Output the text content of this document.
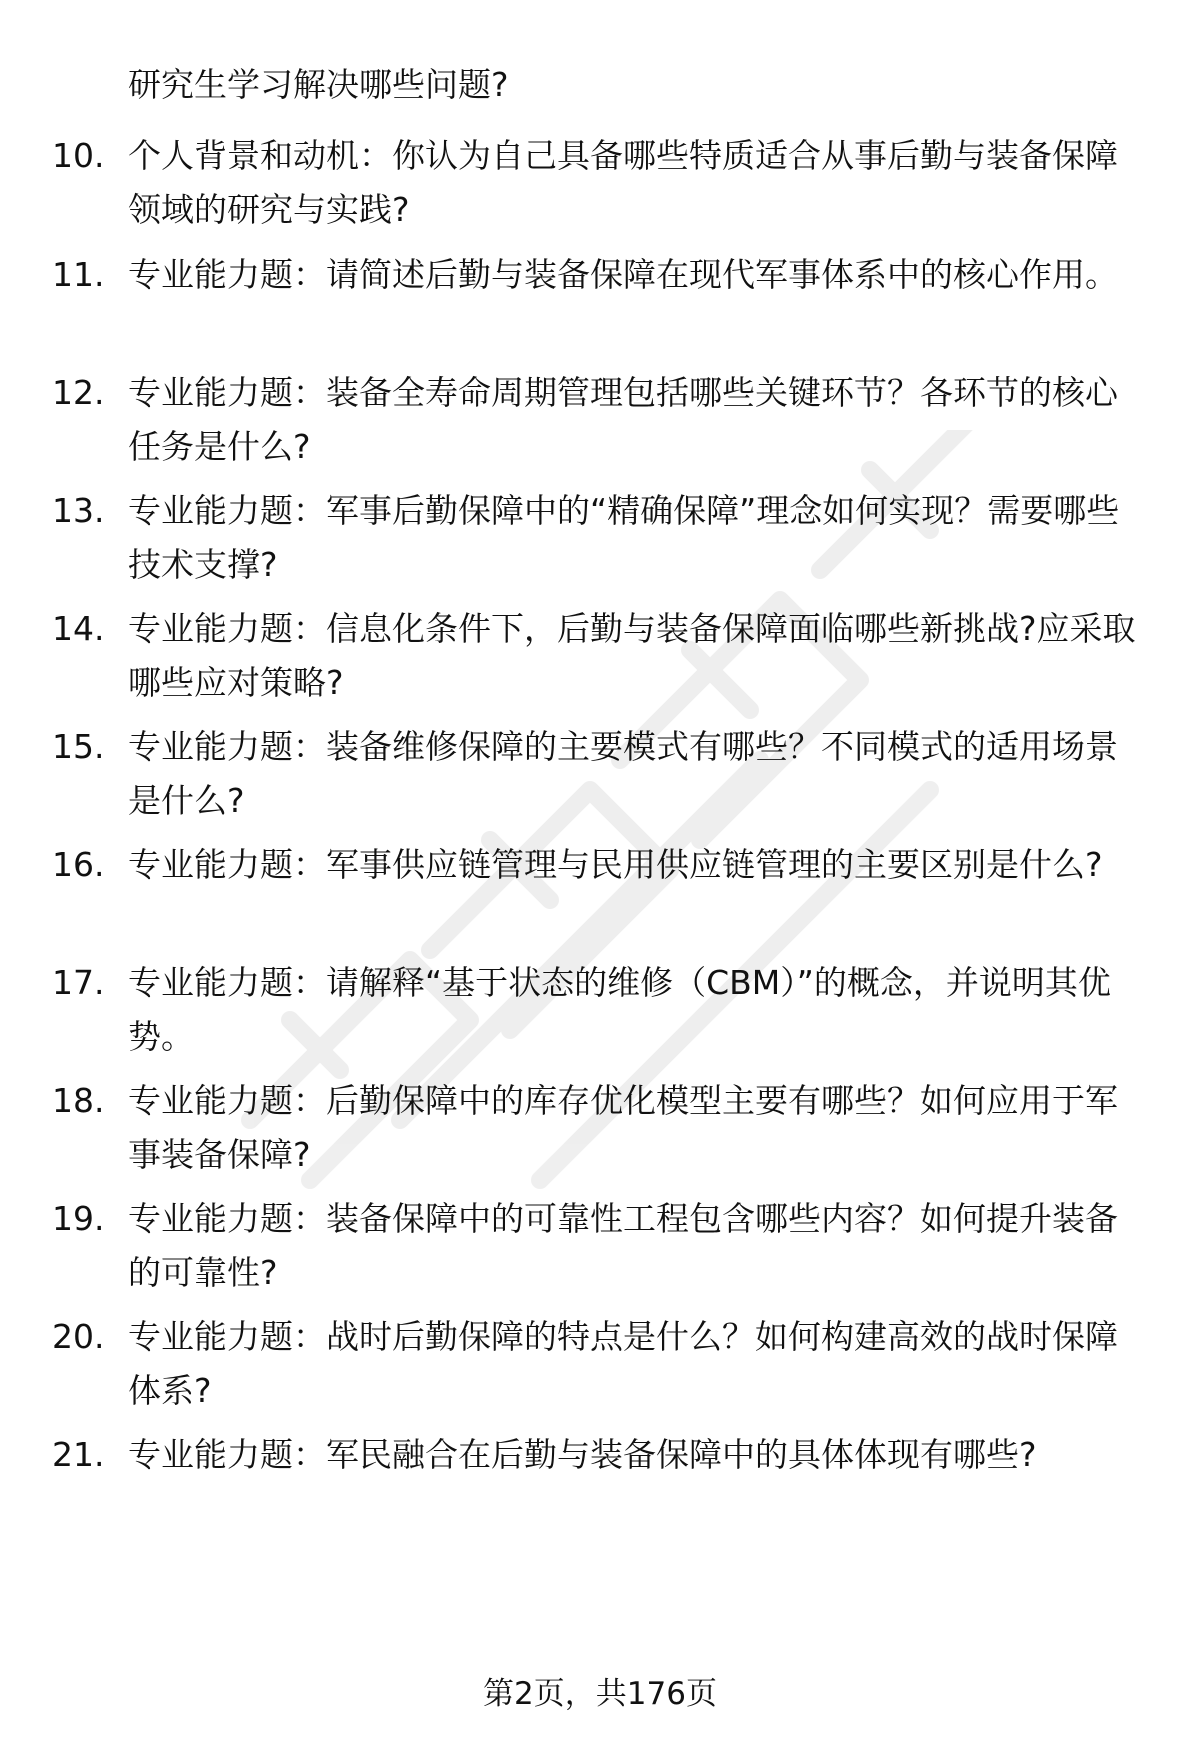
研究生学习解决哪些问题?

10. 个人背景和动机：你认为自己具备哪些特质适合从事后勤与装备保障领域的研究与实践?
11. 专业能力题：请简述后勤与装备保障在现代军事体系中的核心作用。
12. 专业能力题：装备全寿命周期管理包括哪些关键环节？各环节的核心任务是什么?
13. 专业能力题：军事后勤保障中的“精确保障”理念如何实现？需要哪些技术支撑?
14. 专业能力题：信息化条件下，后勤与装备保障面临哪些新挑战?应采取哪些应对策略?
15. 专业能力题：装备维修保障的主要模式有哪些？不同模式的适用场景是什么?
16. 专业能力题：军事供应链管理与民用供应链管理的主要区别是什么?
17. 专业能力题：请解释“基于状态的维修（CBM）”的概念，并说明其优势。
18. 专业能力题：后勤保障中的库存优化模型主要有哪些？如何应用于军事装备保障?
19. 专业能力题：装备保障中的可靠性工程包含哪些内容？如何提升装备的可靠性?
20. 专业能力题：战时后勤保障的特点是什么？如何构建高效的战时保障体系?
21. 专业能力题：军民融合在后勤与装备保障中的具体体现有哪些?
第2页，共176页
